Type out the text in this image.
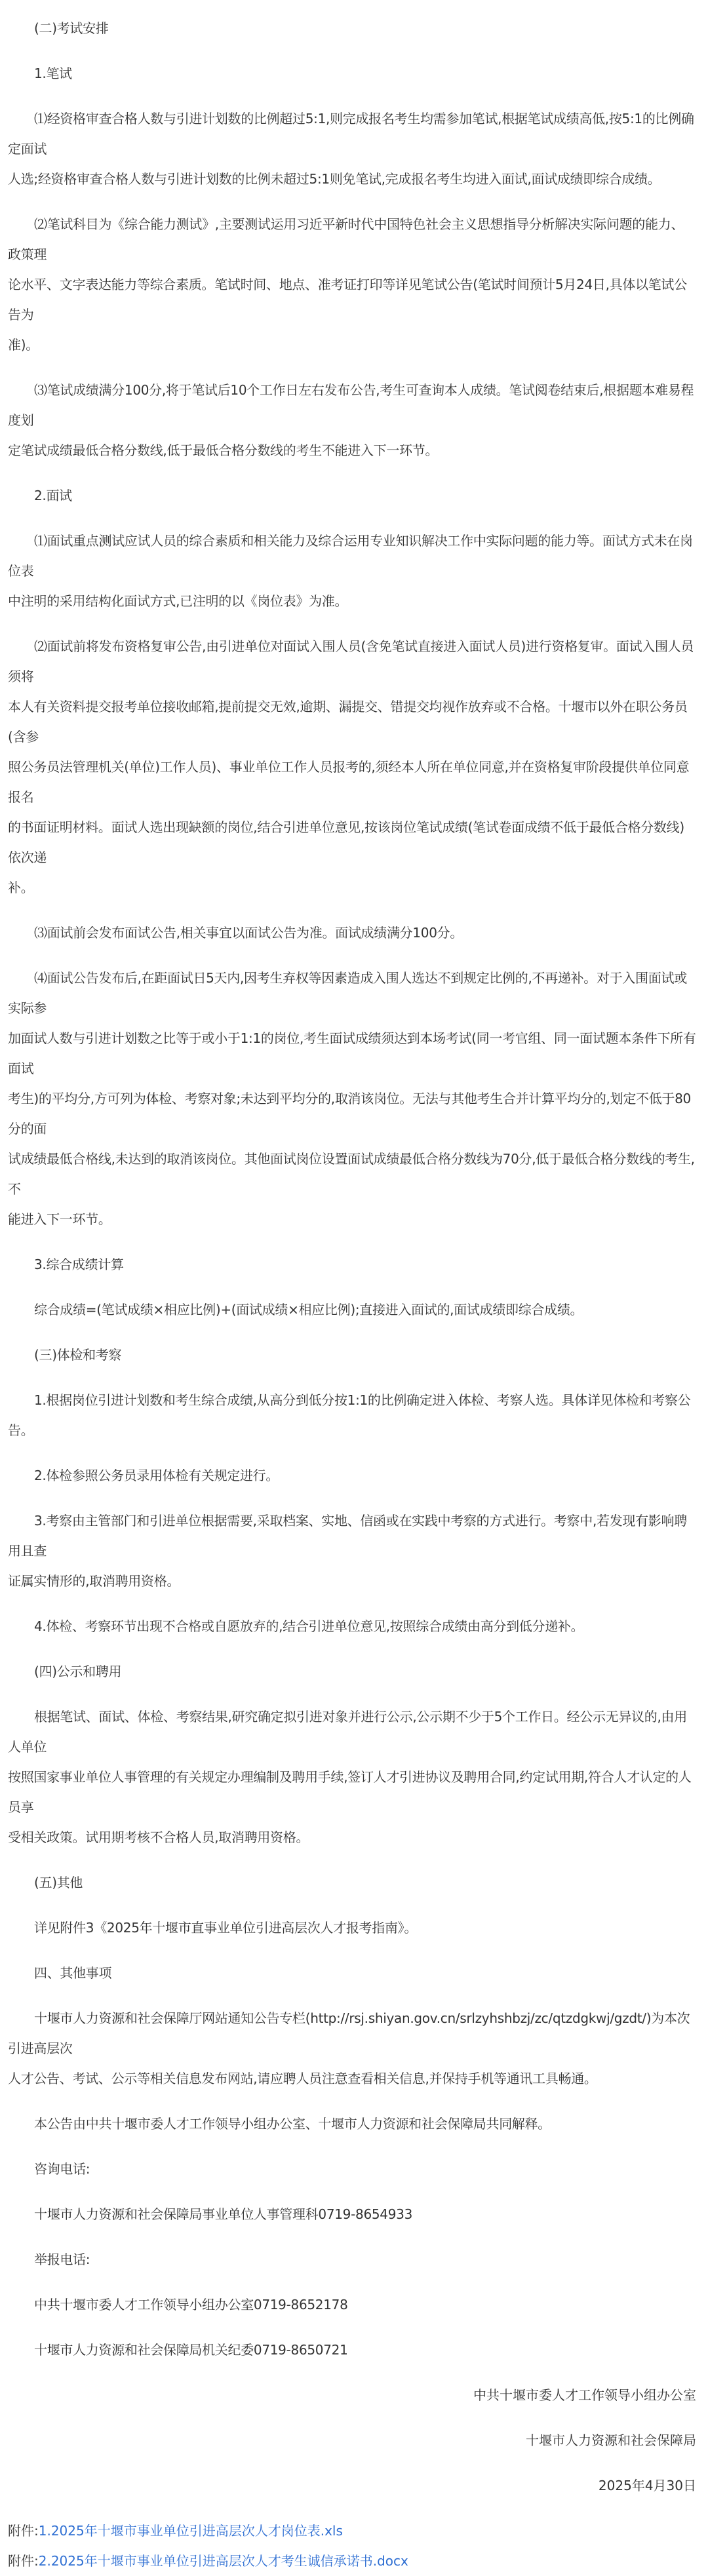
(二)考试安排
1.笔试
⑴经资格审查合格人数与引进计划数的比例超过5:1,则完成报名考生均需参加笔试,根据笔试成绩高低,按5:1的比例确定面试
人选;经资格审查合格人数与引进计划数的比例未超过5:1则免笔试,完成报名考生均进入面试,面试成绩即综合成绩。
⑵笔试科目为《综合能力测试》,主要测试运用习近平新时代中国特色社会主义思想指导分析解决实际问题的能力、政策理
论水平、文字表达能力等综合素质。笔试时间、地点、准考证打印等详见笔试公告(笔试时间预计5月24日,具体以笔试公告为
准)。
⑶笔试成绩满分100分,将于笔试后10个工作日左右发布公告,考生可查询本人成绩。笔试阅卷结束后,根据题本难易程度划
定笔试成绩最低合格分数线,低于最低合格分数线的考生不能进入下一环节。
2.面试
⑴面试重点测试应试人员的综合素质和相关能力及综合运用专业知识解决工作中实际问题的能力等。面试方式未在岗位表
中注明的采用结构化面试方式,已注明的以《岗位表》为准。
⑵面试前将发布资格复审公告,由引进单位对面试入围人员(含免笔试直接进入面试人员)进行资格复审。面试入围人员须将
本人有关资料提交报考单位接收邮箱,提前提交无效,逾期、漏提交、错提交均视作放弃或不合格。十堰市以外在职公务员(含参
照公务员法管理机关(单位)工作人员)、事业单位工作人员报考的,须经本人所在单位同意,并在资格复审阶段提供单位同意报名
的书面证明材料。面试人选出现缺额的岗位,结合引进单位意见,按该岗位笔试成绩(笔试卷面成绩不低于最低合格分数线)依次递
补。
⑶面试前会发布面试公告,相关事宜以面试公告为准。面试成绩满分100分。
⑷面试公告发布后,在距面试日5天内,因考生弃权等因素造成入围人选达不到规定比例的,不再递补。对于入围面试或实际参
加面试人数与引进计划数之比等于或小于1:1的岗位,考生面试成绩须达到本场考试(同一考官组、同一面试题本条件下所有面试
考生)的平均分,方可列为体检、考察对象;未达到平均分的,取消该岗位。无法与其他考生合并计算平均分的,划定不低于80分的面
试成绩最低合格线,未达到的取消该岗位。其他面试岗位设置面试成绩最低合格分数线为70分,低于最低合格分数线的考生,不
能进入下一环节。
3.综合成绩计算
综合成绩=(笔试成绩×相应比例)+(面试成绩×相应比例);直接进入面试的,面试成绩即综合成绩。
(三)体检和考察
1.根据岗位引进计划数和考生综合成绩,从高分到低分按1:1的比例确定进入体检、考察人选。具体详见体检和考察公告。
2.体检参照公务员录用体检有关规定进行。
3.考察由主管部门和引进单位根据需要,采取档案、实地、信函或在实践中考察的方式进行。考察中,若发现有影响聘用且查
证属实情形的,取消聘用资格。
4.体检、考察环节出现不合格或自愿放弃的,结合引进单位意见,按照综合成绩由高分到低分递补。
(四)公示和聘用
根据笔试、面试、体检、考察结果,研究确定拟引进对象并进行公示,公示期不少于5个工作日。经公示无异议的,由用人单位
按照国家事业单位人事管理的有关规定办理编制及聘用手续,签订人才引进协议及聘用合同,约定试用期,符合人才认定的人员享
受相关政策。试用期考核不合格人员,取消聘用资格。
(五)其他
详见附件3《2025年十堰市直事业单位引进高层次人才报考指南》。
四、其他事项
十堰市人力资源和社会保障厅网站通知公告专栏(http://rsj.shiyan.gov.cn/srlzyhshbzj/zc/qtzdgkwj/gzdt/)为本次引进高层次
人才公告、考试、公示等相关信息发布网站,请应聘人员注意查看相关信息,并保持手机等通讯工具畅通。
本公告由中共十堰市委人才工作领导小组办公室、十堰市人力资源和社会保障局共同解释。
咨询电话:
十堰市人力资源和社会保障局事业单位人事管理科0719-8654933
举报电话:
中共十堰市委人才工作领导小组办公室0719-8652178
十堰市人力资源和社会保障局机关纪委0719-8650721
中共十堰市委人才工作领导小组办公室
十堰市人力资源和社会保障局
2025年4月30日
附件:1.2025年十堰市事业单位引进高层次人才岗位表.xls
附件:2.2025年十堰市事业单位引进高层次人才考生诚信承诺书.docx
